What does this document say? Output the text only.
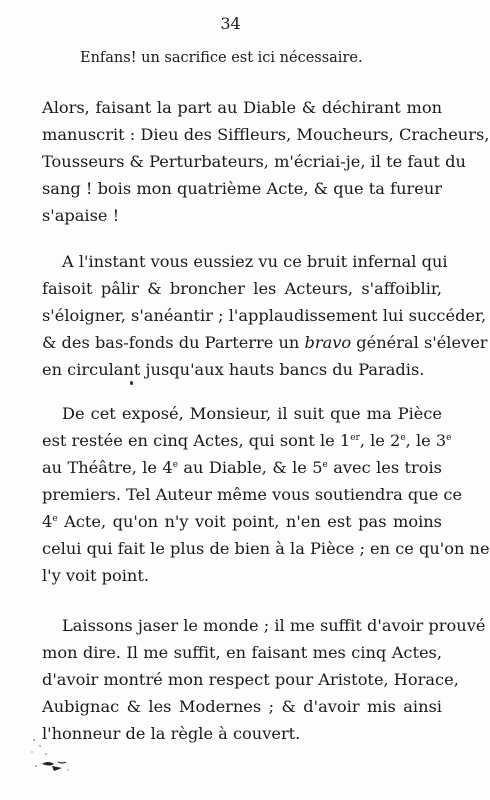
34
Enfans! un sacrifice est ici nécessaire.
Alors, faisant la part au Diable & déchirant mon
manuscrit : Dieu des Siffleurs, Moucheurs, Cracheurs,
Tousseurs & Perturbateurs, m'écriai-je, il te faut du
sang ! bois mon quatrième Acte, & que ta fureur
s'apaise !
A l'instant vous eussiez vu ce bruit infernal qui
faisoit pâlir & broncher les Acteurs, s'affoiblir,
s'éloigner, s'anéantir ; l'applaudissement lui succéder,
& des bas-fonds du Parterre un bravo général s'élever
en circulant jusqu'aux hauts bancs du Paradis.
De cet exposé, Monsieur, il suit que ma Pièce
est restée en cinq Actes, qui sont le 1er, le 2e, le 3e
au Théâtre, le 4e au Diable, & le 5e avec les trois
premiers. Tel Auteur même vous soutiendra que ce
4e Acte, qu'on n'y voit point, n'en est pas moins
celui qui fait le plus de bien à la Pièce ; en ce qu'on ne
l'y voit point.
Laissons jaser le monde ; il me suffit d'avoir prouvé
mon dire. Il me suffit, en faisant mes cinq Actes,
d'avoir montré mon respect pour Aristote, Horace,
Aubignac & les Modernes ; & d'avoir mis ainsi
l'honneur de la règle à couvert.
